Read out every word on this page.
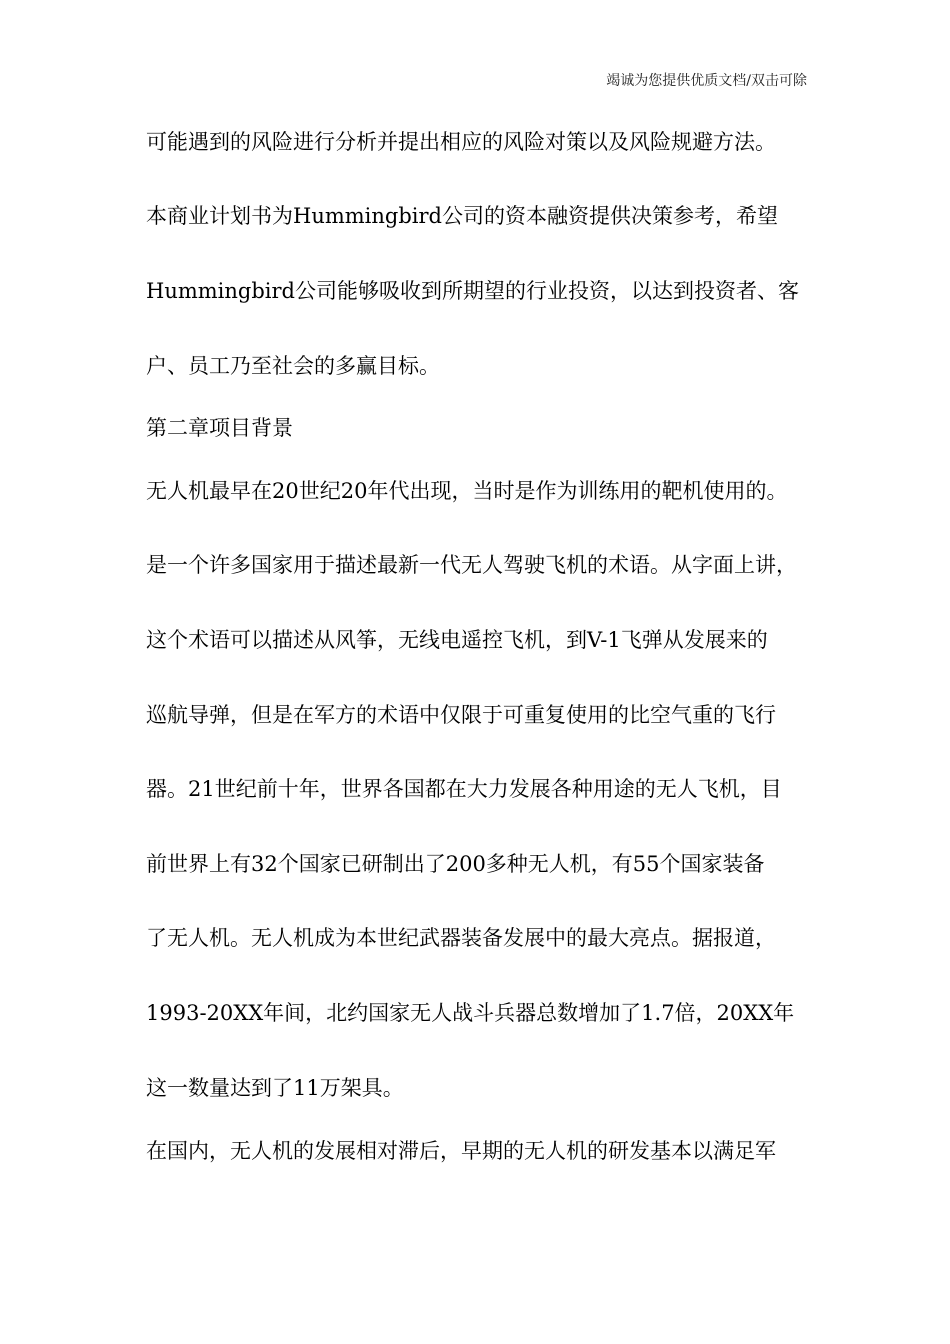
竭诚为您提供优质文档/双击可除
可能遇到的风险进行分析并提出相应的风险对策以及风险规避方法。
本商业计划书为Hummingbird公司的资本融资提供决策参考，希望
Hummingbird公司能够吸收到所期望的行业投资，以达到投资者、客
户、员工乃至社会的多赢目标。
第二章项目背景
无人机最早在20世纪20年代出现，当时是作为训练用的靶机使用的。
是一个许多国家用于描述最新一代无人驾驶飞机的术语。从字面上讲，
这个术语可以描述从风筝，无线电遥控飞机，到V-1飞弹从发展来的
巡航导弹，但是在军方的术语中仅限于可重复使用的比空气重的飞行
器。21世纪前十年，世界各国都在大力发展各种用途的无人飞机，目
前世界上有32个国家已研制出了200多种无人机，有55个国家装备
了无人机。无人机成为本世纪武器装备发展中的最大亮点。据报道，
1993-20XX年间，北约国家无人战斗兵器总数增加了1.7倍，20XX年
这一数量达到了11万架具。
在国内，无人机的发展相对滞后，早期的无人机的研发基本以满足军
